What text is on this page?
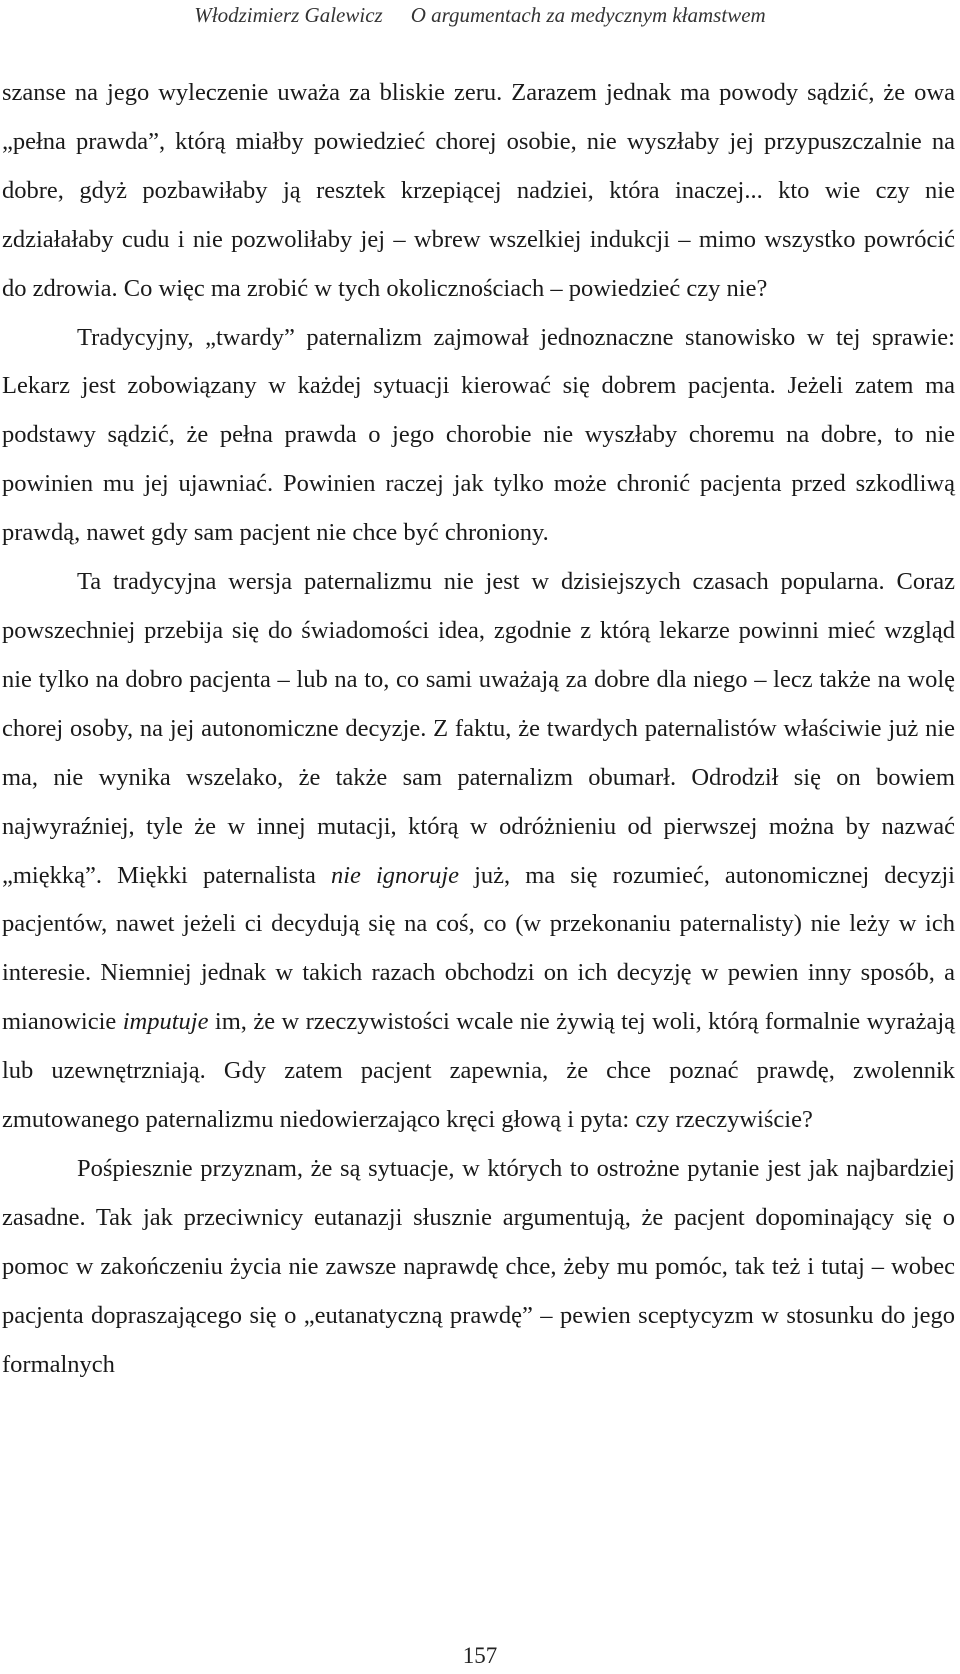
Włodzimierz Galewicz O argumentach za medycznym kłamstwem

szanse na jego wyleczenie uważa za bliskie zeru. Zarazem jednak ma powody sądzić, że owa „pełna prawda”, którą miałby powiedzieć chorej osobie, nie wyszłaby jej przypuszczalnie na dobre, gdyż pozbawiłaby ją resztek krzepiącej nadziei, która inaczej... kto wie czy nie zdziałałaby cudu i nie pozwoliłaby jej – wbrew wszelkiej indukcji – mimo wszystko powrócić do zdrowia. Co więc ma zrobić w tych okolicznościach – powiedzieć czy nie?

Tradycyjny, „twardy” paternalizm zajmował jednoznaczne stanowisko w tej sprawie: Lekarz jest zobowiązany w każdej sytuacji kierować się dobrem pacjenta. Jeżeli zatem ma podstawy sądzić, że pełna prawda o jego chorobie nie wyszłaby choremu na dobre, to nie powinien mu jej ujawniać. Powinien raczej jak tylko może chronić pacjenta przed szkodliwą prawdą, nawet gdy sam pacjent nie chce być chroniony.

Ta tradycyjna wersja paternalizmu nie jest w dzisiejszych czasach popularna. Coraz powszechniej przebija się do świadomości idea, zgodnie z którą lekarze powinni mieć wzgląd nie tylko na dobro pacjenta – lub na to, co sami uważają za dobre dla niego – lecz także na wolę chorej osoby, na jej autonomiczne decyzje. Z faktu, że twardych paternalistów właściwie już nie ma, nie wynika wszelako, że także sam paternalizm obumarł. Odrodził się on bowiem najwyraźniej, tyle że w innej mutacji, którą w odróżnieniu od pierwszej można by nazwać „miękką”. Miękki paternalista nie ignoruje już, ma się rozumieć, autonomicznej decyzji pacjentów, nawet jeżeli ci decydują się na coś, co (w przekonaniu paternalisty) nie leży w ich interesie. Niemniej jednak w takich razach obchodzi on ich decyzję w pewien inny sposób, a mianowicie imputuje im, że w rzeczywistości wcale nie żywią tej woli, którą formalnie wyrażają lub uzewnętrzniają. Gdy zatem pacjent zapewnia, że chce poznać prawdę, zwolennik zmutowanego paternalizmu niedowierzająco kręci głową i pyta: czy rzeczywiście?

Pośpiesznie przyznam, że są sytuacje, w których to ostrożne pytanie jest jak najbardziej zasadne. Tak jak przeciwnicy eutanazji słusznie argumentują, że pacjent dopominający się o pomoc w zakończeniu życia nie zawsze naprawdę chce, żeby mu pomóc, tak też i tutaj – wobec pacjenta dopraszającego się o „eutanatyczną prawdę” – pewien sceptycyzm w stosunku do jego formalnych

157
